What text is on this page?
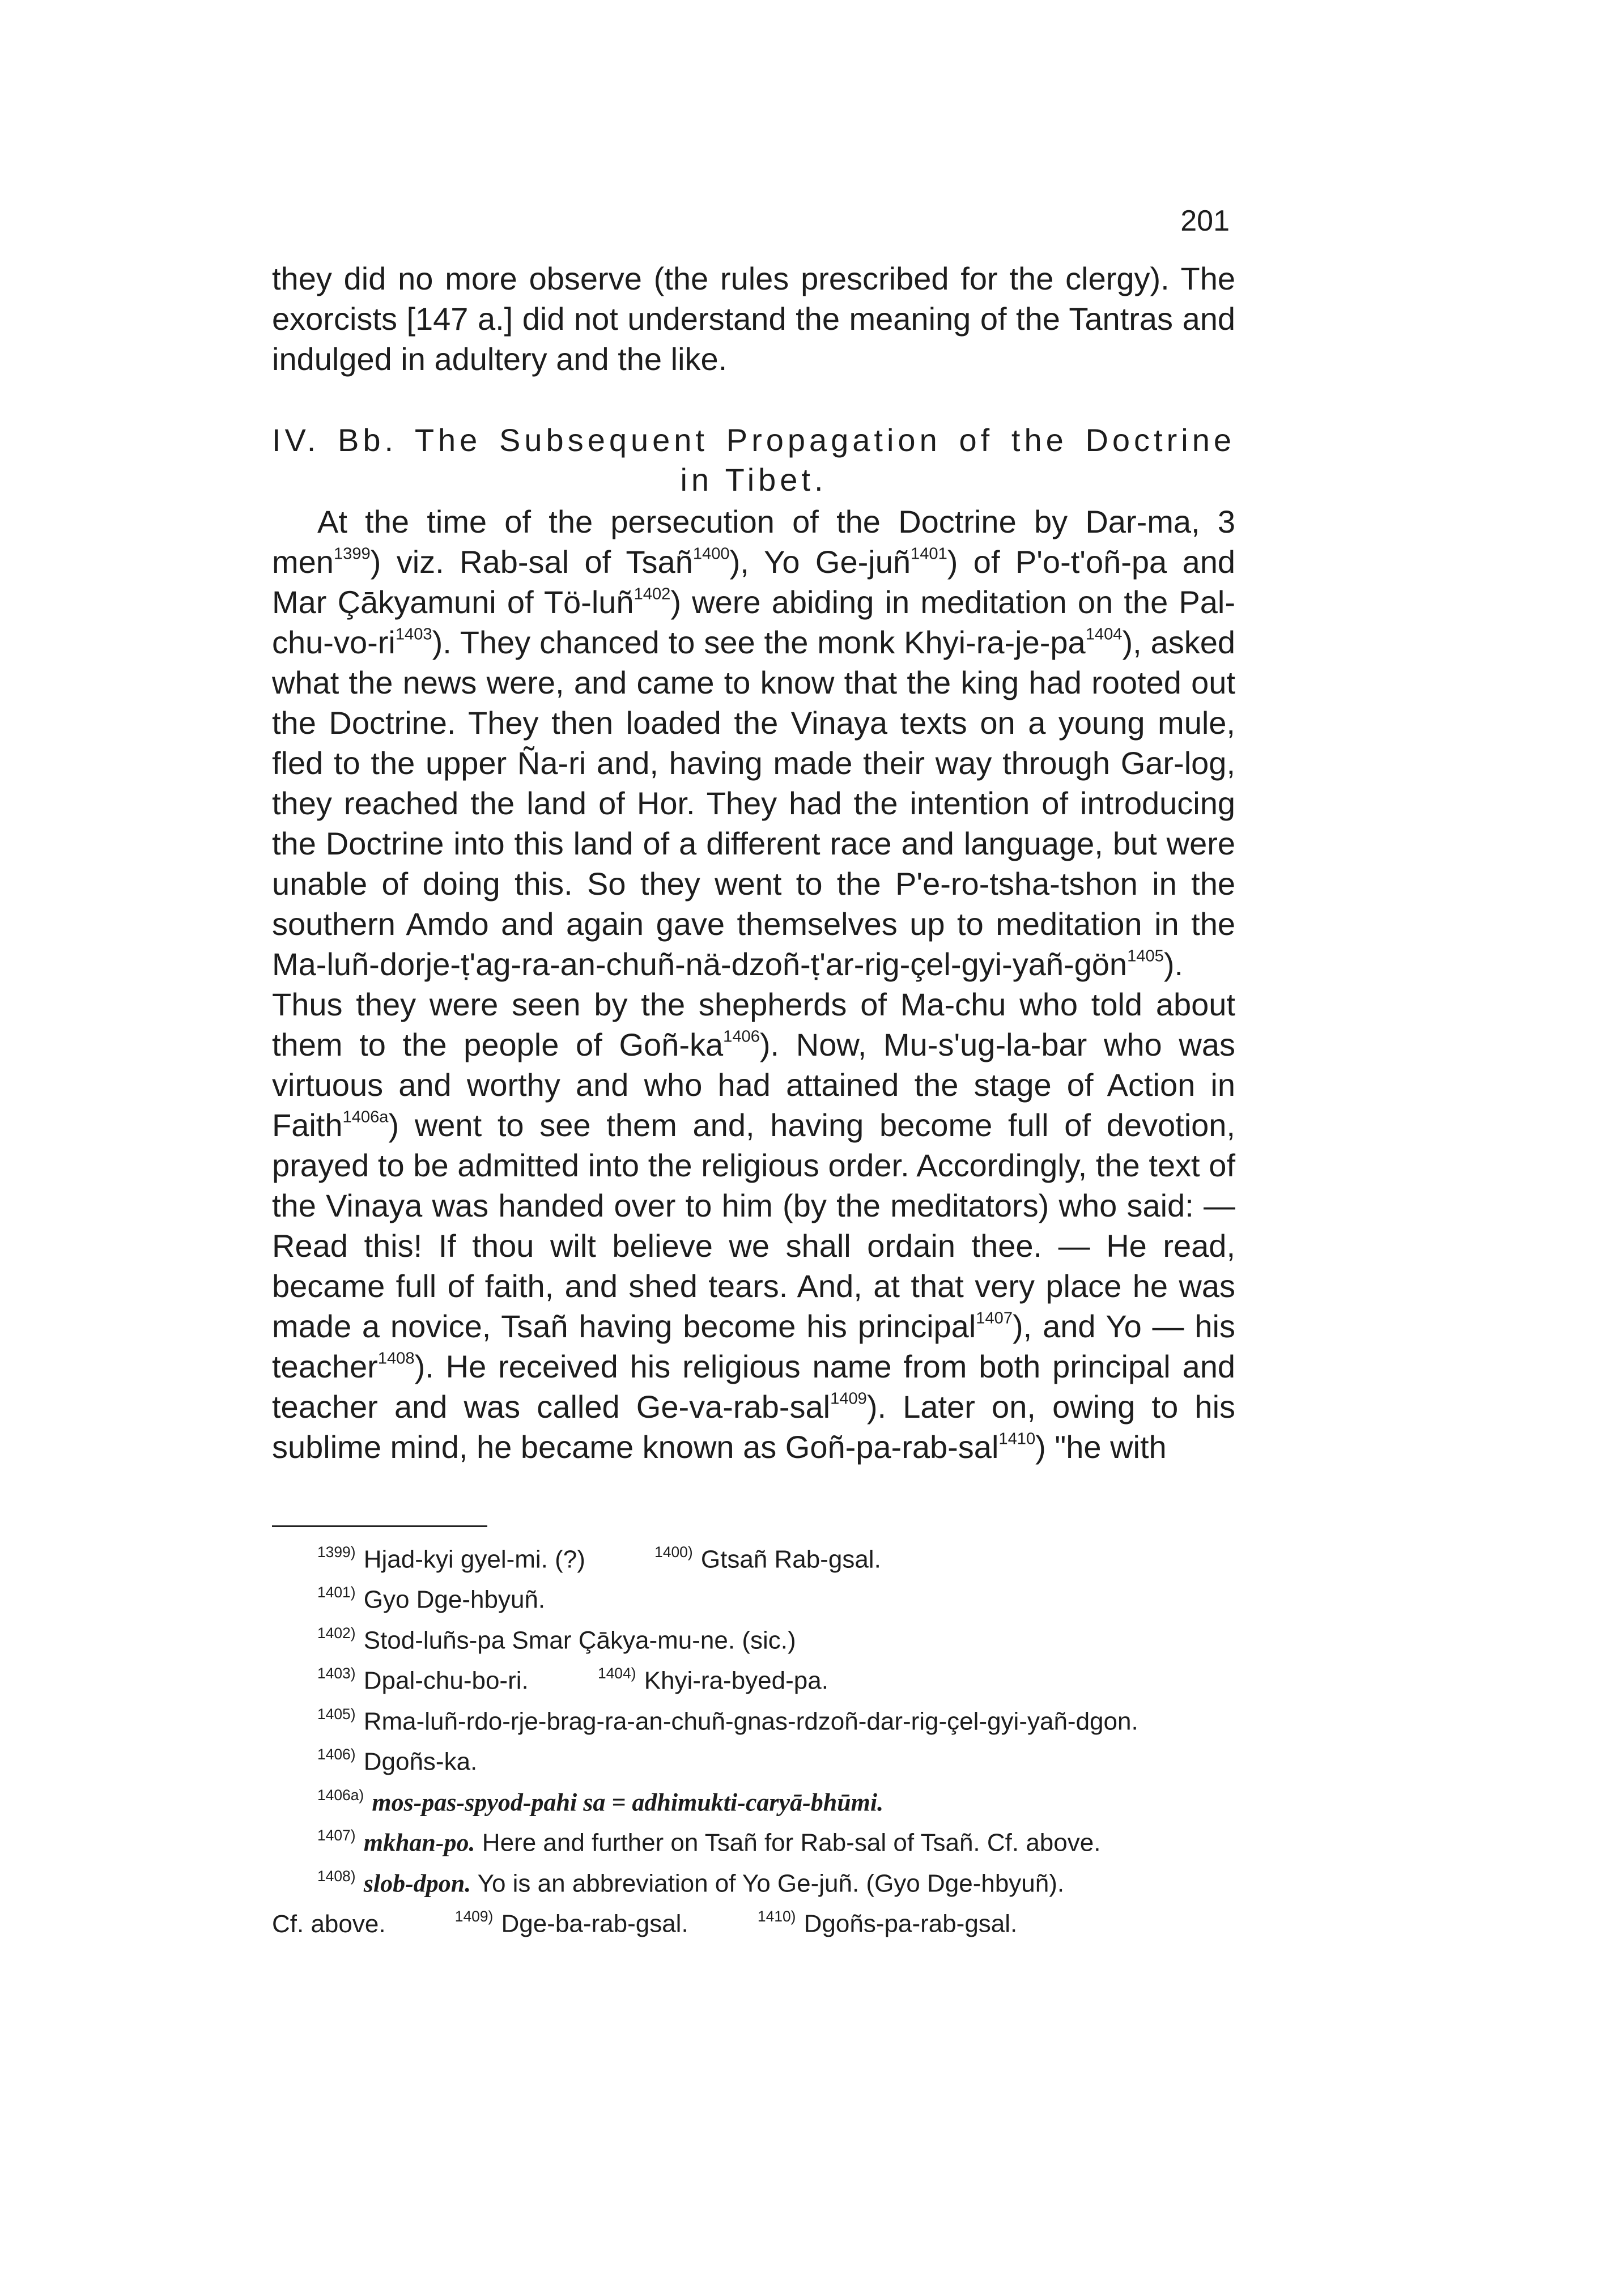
201

they did no more observe (the rules prescribed for the clergy). The exorcists [147 a.] did not understand the meaning of the Tantras and indulged in adultery and the like.

IV. Bb. The Subsequent Propagation of the Doctrine
in Tibet.

At the time of the persecution of the Doctrine by Dar-ma, 3 men$^{1399}$) viz. Rab-sal of Tsañ$^{1400}$), Yo Ge-juñ$^{1401}$) of P'o-t'oñ-pa and Mar Çākyamuni of Tö-luñ$^{1402}$) were abiding in meditation on the Pal-$chu-vo-ri^{1403}$). They chanced to see the monk Khyi-$ra-je-pa^{1404}$), asked what the news were, and came to know that the king had rooted out the Doctrine. They then loaded the Vinaya texts on a young mule, fled to the upper Ña-ri and, having made their way through Gar-log, they reached the land of Hor. They had the intention of introducing the Doctrine into this land of a different race and language, but were unable of doing this. So they went to the P'e-ro-tsha-tshon in the southern Amdo and again gave themselves up to meditation in the Ma-luñ-dorje-ṭ'ag-ra-an-chuñ-nä-dzoñ-ṭ'ar-rig-çel-gyi-yañ-gön$^{1405}$). Thus they were seen by the shepherds of Ma-chu who told about them to the people of Goñ-$ka^{1406}$). Now, Mu-s'ug-la-bar who was virtuous and worthy and who had attained the stage of Action in Faith$^{1406a}$) went to see them and, having become full of devotion, prayed to be admitted into the religious order. Accordingly, the text of the Vinaya was handed over to him (by the meditators) who said: — Read this! If thou wilt believe we shall ordain thee. — He read, became full of faith, and shed tears. And, at that very place he was made a novice, Tsañ having become his principal$^{1407}$), and Yo — his teacher$^{1408}$). He received his religious name from both principal and teacher and was called Ge-va-rab-sal$^{1409}$). Later on, owing to his sublime mind, he became known as Goñ-pa-rab-sal$^{1410}$) "he with

$^{1399)}$ Hjad-kyi gyel-mi. (?)	$^{1400)}$ Gtsañ Rab-gsal.
$^{1401)}$ Gyo Dge-hbyuñ.
$^{1402)}$ Stod-luñs-pa Smar Çākya-mu-ne. (sic.)
$^{1403)}$ Dpal-chu-bo-ri.	$^{1404)}$ Khyi-ra-byed-pa.
$^{1405)}$ Rma-luñ-rdo-rje-brag-ra-an-chuñ-gnas-rdzoñ-dar-rig-çel-gyi-yañ-dgon.
$^{1406)}$ Dgoñs-ka.
$^{1406a)}$ mos-pas-spyod-pahi sa = adhimukti-caryā-bhūmi.
$^{1407)}$ mkhan-po. Here and further on Tsañ for Rab-sal of Tsañ. Cf. above.
$^{1408)}$ slob-dpon. Yo is an abbreviation of Yo Ge-juñ. (Gyo Dge-hbyuñ).
Cf. above.	$^{1409)}$ Dge-ba-rab-gsal.	$^{1410)}$ Dgoñs-pa-rab-gsal.
